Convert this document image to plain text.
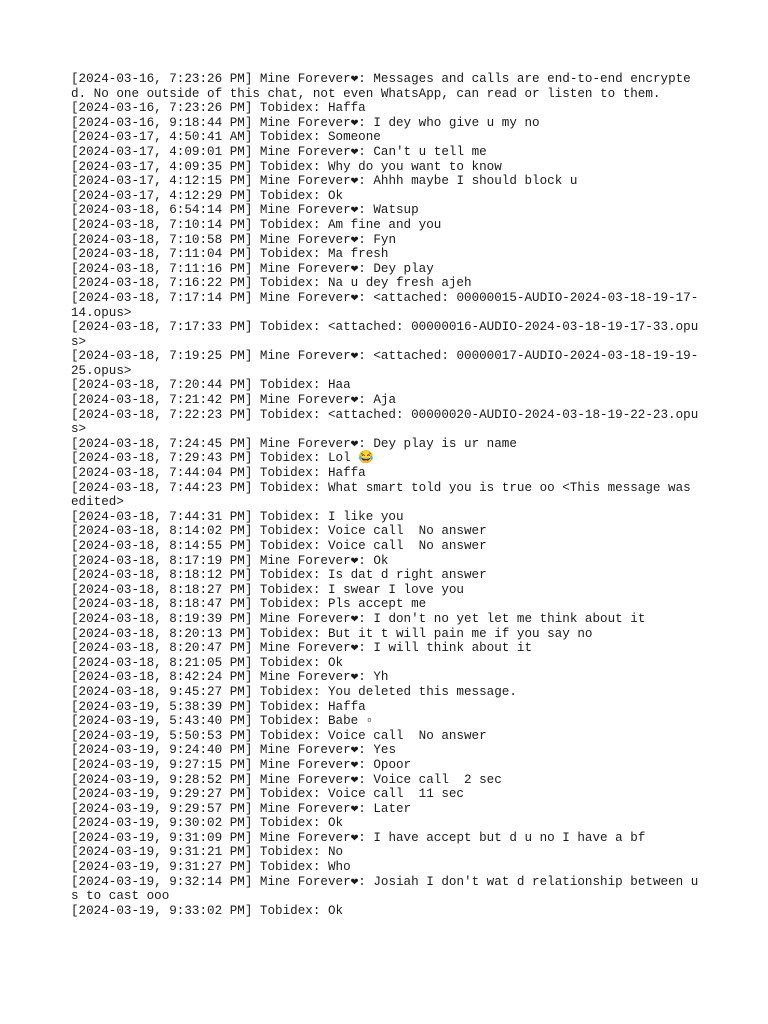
[2024-03-16, 7:23:26 PM] Mine Forever❤: Messages and calls are end-to-end encrypted. No one outside of this chat, not even WhatsApp, can read or listen to them.

[2024-03-16, 7:23:26 PM] Tobidex: Haffa

[2024-03-16, 9:18:44 PM] Mine Forever❤: I dey who give u my no

[2024-03-17, 4:50:41 AM] Tobidex: Someone

[2024-03-17, 4:09:01 PM] Mine Forever❤: Can't u tell me

[2024-03-17, 4:09:35 PM] Tobidex: Why do you want to know

[2024-03-17, 4:12:15 PM] Mine Forever❤: Ahhh maybe I should block u

[2024-03-17, 4:12:29 PM] Tobidex: Ok

[2024-03-18, 6:54:14 PM] Mine Forever❤: Watsup

[2024-03-18, 7:10:14 PM] Tobidex: Am fine and you

[2024-03-18, 7:10:58 PM] Mine Forever❤: Fyn

[2024-03-18, 7:11:04 PM] Tobidex: Ma fresh

[2024-03-18, 7:11:16 PM] Mine Forever❤: Dey play

[2024-03-18, 7:16:22 PM] Tobidex: Na u dey fresh ajeh

[2024-03-18, 7:17:14 PM] Mine Forever❤: <attached: 00000015-AUDIO-2024-03-18-19-17-14.opus>

[2024-03-18, 7:17:33 PM] Tobidex: <attached: 00000016-AUDIO-2024-03-18-19-17-33.opus>

[2024-03-18, 7:19:25 PM] Mine Forever❤: <attached: 00000017-AUDIO-2024-03-18-19-19-25.opus>

[2024-03-18, 7:20:44 PM] Tobidex: Haa

[2024-03-18, 7:21:42 PM] Mine Forever❤: Aja

[2024-03-18, 7:22:23 PM] Tobidex: <attached: 00000020-AUDIO-2024-03-18-19-22-23.opus>

[2024-03-18, 7:24:45 PM] Mine Forever❤: Dey play is ur name

[2024-03-18, 7:29:43 PM] Tobidex: Lol 😂

[2024-03-18, 7:44:04 PM] Tobidex: Haffa

[2024-03-18, 7:44:23 PM] Tobidex: What smart told you is true oo <This message was edited>

[2024-03-18, 7:44:31 PM] Tobidex: I like you

[2024-03-18, 8:14:02 PM] Tobidex: Voice call  No answer

[2024-03-18, 8:14:55 PM] Tobidex: Voice call  No answer

[2024-03-18, 8:17:19 PM] Mine Forever❤: Ok

[2024-03-18, 8:18:12 PM] Tobidex: Is dat d right answer

[2024-03-18, 8:18:27 PM] Tobidex: I swear I love you

[2024-03-18, 8:18:47 PM] Tobidex: Pls accept me

[2024-03-18, 8:19:39 PM] Mine Forever❤: I don't no yet let me think about it

[2024-03-18, 8:20:13 PM] Tobidex: But it t will pain me if you say no

[2024-03-18, 8:20:47 PM] Mine Forever❤: I will think about it

[2024-03-18, 8:21:05 PM] Tobidex: Ok

[2024-03-18, 8:42:24 PM] Mine Forever❤: Yh

[2024-03-18, 9:45:27 PM] Tobidex: You deleted this message.

[2024-03-19, 5:38:39 PM] Tobidex: Haffa

[2024-03-19, 5:43:40 PM] Tobidex: Babe ▫

[2024-03-19, 5:50:53 PM] Tobidex: Voice call  No answer

[2024-03-19, 9:24:40 PM] Mine Forever❤: Yes

[2024-03-19, 9:27:15 PM] Mine Forever❤: Opoor

[2024-03-19, 9:28:52 PM] Mine Forever❤: Voice call  2 sec

[2024-03-19, 9:29:27 PM] Tobidex: Voice call  11 sec

[2024-03-19, 9:29:57 PM] Mine Forever❤: Later

[2024-03-19, 9:30:02 PM] Tobidex: Ok

[2024-03-19, 9:31:09 PM] Mine Forever❤: I have accept but d u no I have a bf

[2024-03-19, 9:31:21 PM] Tobidex: No

[2024-03-19, 9:31:27 PM] Tobidex: Who

[2024-03-19, 9:32:14 PM] Mine Forever❤: Josiah I don't wat d relationship between us to cast ooo

[2024-03-19, 9:33:02 PM] Tobidex: Ok
